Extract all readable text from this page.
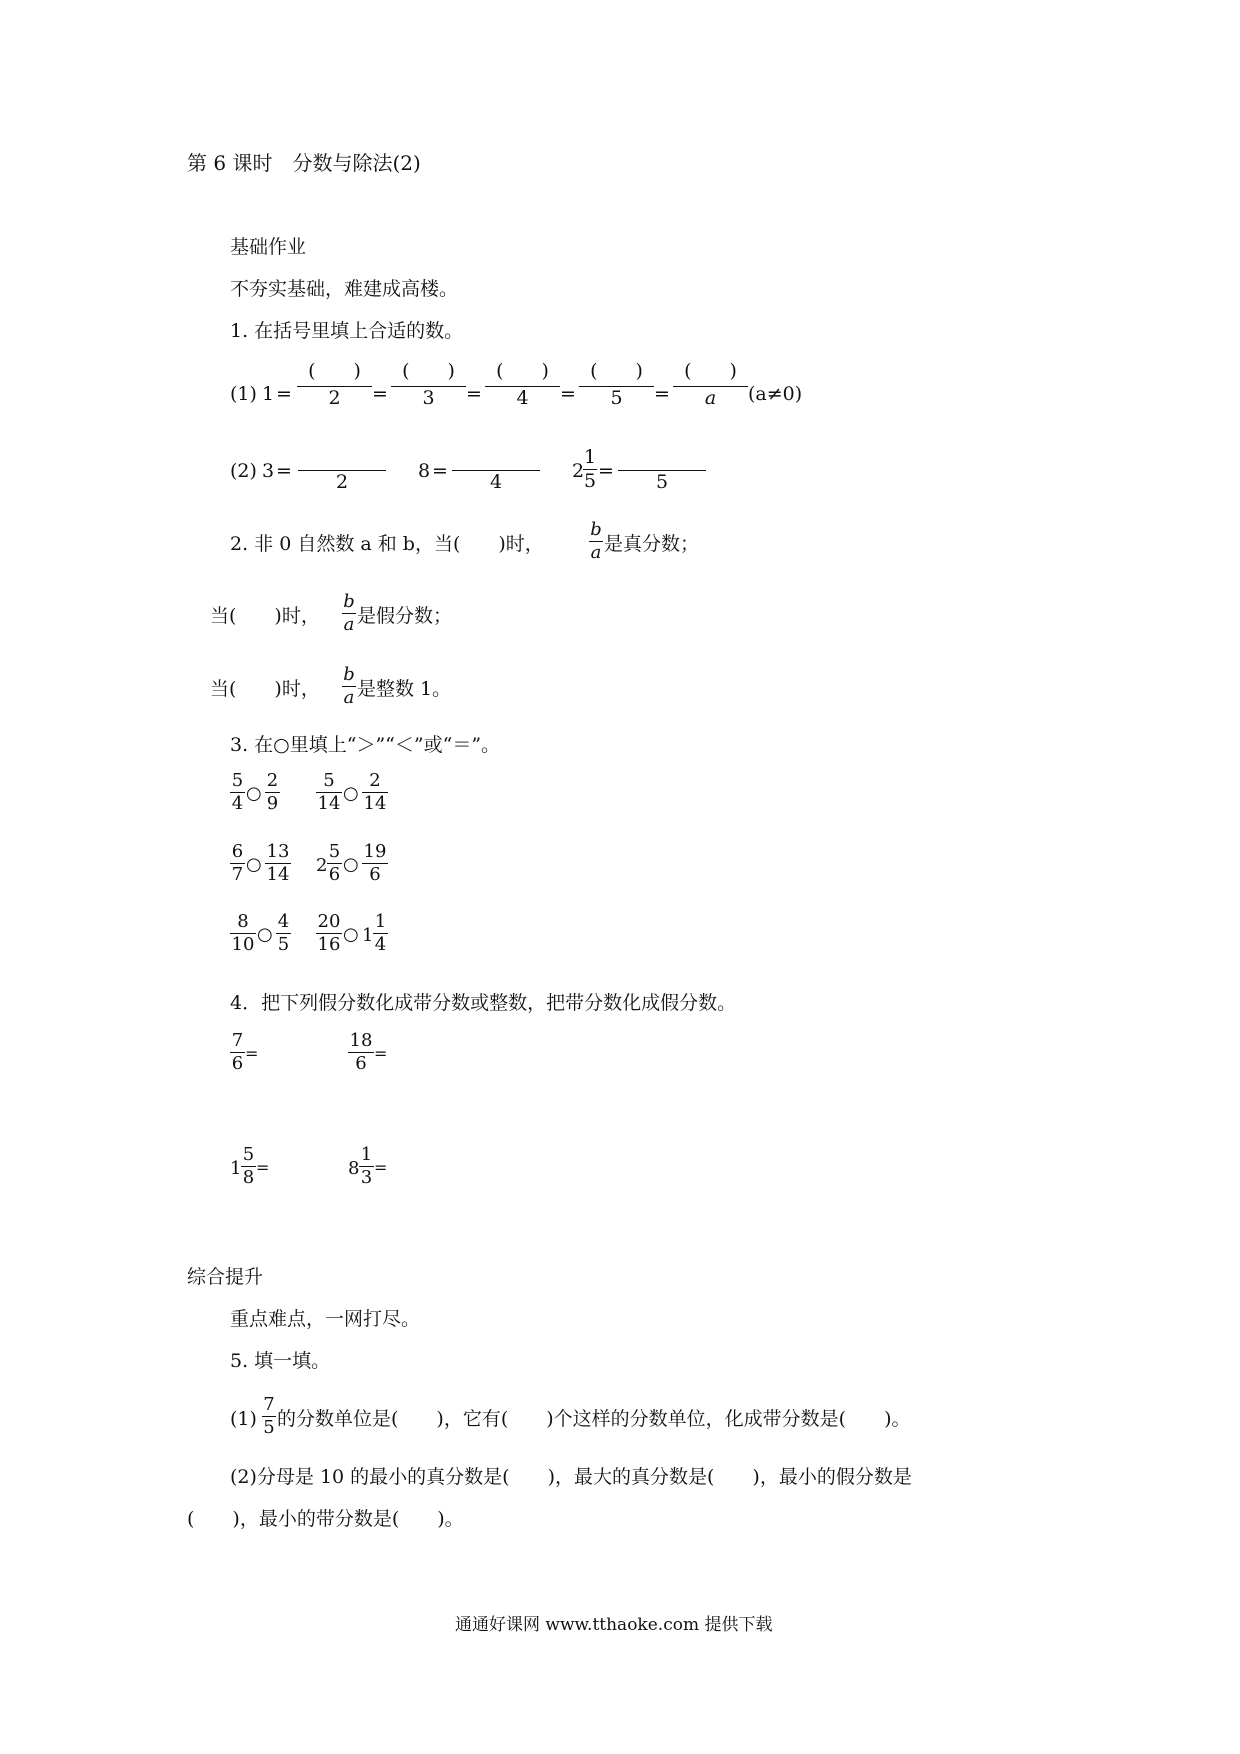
第 6 课时　分数与除法(2)
基础作业
不夯实基础，难建成高楼。
1. 在括号里填上合适的数。
(1) 1 =
(　　)
2	=
(　　)
3	=
(　　)
4	=
(　　)
5	=
(　　)
a	(a≠0)
(2) 3 =	2	8 =	4	2
1
5 =	5
2. 非 0 自然数 a 和 b，当(　　)时，
b
a 是真分数；
当(　　)时，
b
a 是假分数；
当(　　)时，
b
a 是整数 1。
3. 在○里填上“＞”“＜”或“＝”。
5
4 ○
2
9
5
14 ○
2
14
6
7 ○
13
14 2
5
6 ○
19
6
8
10 ○
4
5
20
16 ○ 1
1
4
4．把下列假分数化成带分数或整数，把带分数化成假分数。
7
6 =
18
6 =
1
5
8 =	8
1
3 =
综合提升
重点难点，一网打尽。
5. 填一填。
(1)
7
5 的分数单位是(　　)，它有(　　)个这样的分数单位，化成带分数是(　　)。
(2)分母是 10 的最小的真分数是(　　)，最大的真分数是(　　)，最小的假分数是
(　　)，最小的带分数是(　　)。
通通好课网 www.tthaoke.com 提供下载
